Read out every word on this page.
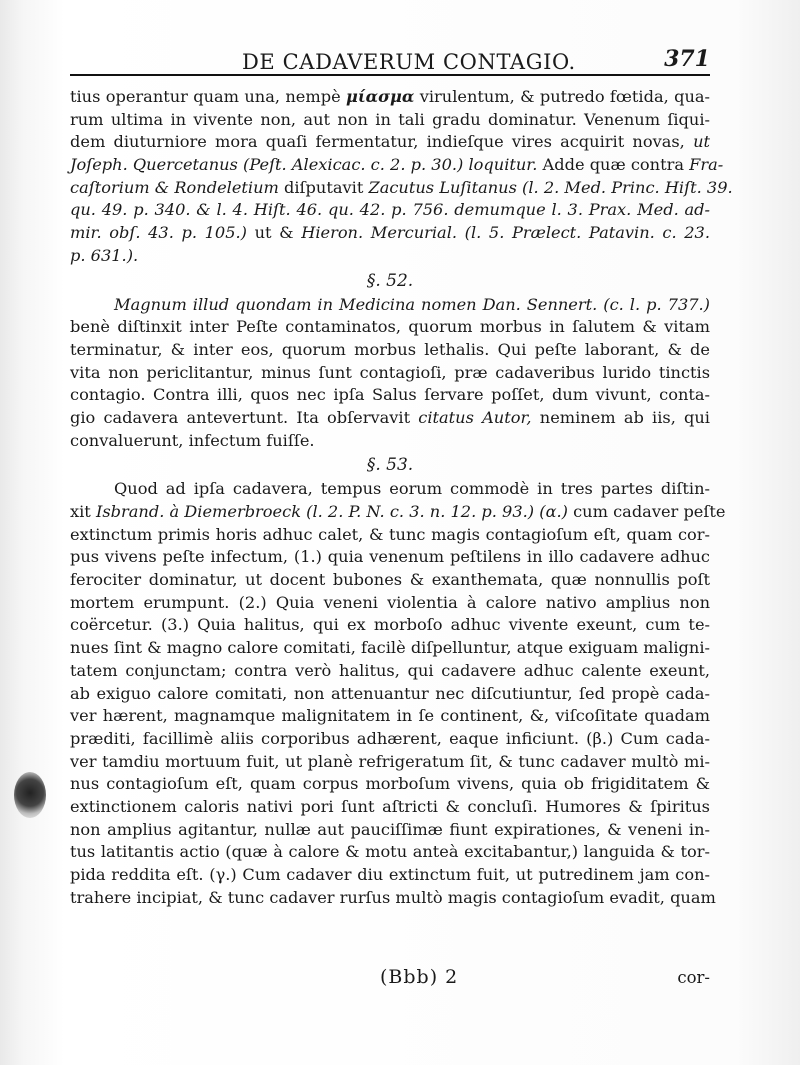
DE CADAVERUM CONTAGIO.	371
tius operantur quam una, nempè μίασμα virulentum, & putredo fœtida, qua-
rum ultima in vivente non, aut non in tali gradu dominatur. Venenum ſiqui-
dem diuturniore mora quaſi fermentatur, indieſque vires acquirit novas, ut
Joſeph. Quercetanus (Peſt. Alexicac. c. 2. p. 30.) loquitur. Adde quæ contra Fra-
caſtorium & Rondeletium diſputavit Zacutus Luſitanus (l. 2. Med. Princ. Hiſt. 39.
qu. 49. p. 340. & l. 4. Hiſt. 46. qu. 42. p. 756. demumque l. 3. Prax. Med. ad-
mir. obſ. 43. p. 105.) ut & Hieron. Mercurial. (l. 5. Prælect. Patavin. c. 23.
p. 631.).
§. 52.
Magnum illud quondam in Medicina nomen Dan. Sennert. (c. l. p. 737.)
benè diſtinxit inter Peſte contaminatos, quorum morbus in ſalutem & vitam
terminatur, & inter eos, quorum morbus lethalis. Qui peſte laborant, & de
vita non periclitantur, minus ſunt contagioſi, præ cadaveribus lurido tinctis
contagio. Contra illi, quos nec ipſa Salus ſervare poſſet, dum vivunt, conta-
gio cadavera antevertunt. Ita obſervavit citatus Autor, neminem ab iis, qui
convaluerunt, infectum fuiſſe.
§. 53.
Quod ad ipſa cadavera, tempus eorum commodè in tres partes diſtin-
xit Isbrand. à Diemerbroeck (l. 2. P. N. c. 3. n. 12. p. 93.) (α.) cum cadaver peſte
extinctum primis horis adhuc calet, & tunc magis contagioſum eſt, quam cor-
pus vivens peſte infectum, (1.) quia venenum peſtilens in illo cadavere adhuc
ferociter dominatur, ut docent bubones & exanthemata, quæ nonnullis poſt
mortem erumpunt. (2.) Quia veneni violentia à calore nativo amplius non
coërcetur. (3.) Quia halitus, qui ex morboſo adhuc vivente exeunt, cum te-
nues ſint & magno calore comitati, facilè diſpelluntur, atque exiguam maligni-
tatem conjunctam; contra verò halitus, qui cadavere adhuc calente exeunt,
ab exiguo calore comitati, non attenuantur nec diſcutiuntur, ſed propè cada-
ver hærent, magnamque malignitatem in ſe continent, &, viſcoſitate quadam
præditi, facillimè aliis corporibus adhærent, eaque inficiunt. (β.) Cum cada-
ver tamdiu mortuum fuit, ut planè refrigeratum ſit, & tunc cadaver multò mi-
nus contagioſum eſt, quam corpus morboſum vivens, quia ob frigiditatem &
extinctionem caloris nativi pori ſunt aſtricti & concluſi. Humores & ſpiritus
non amplius agitantur, nullæ aut pauciſſimæ fiunt expirationes, & veneni in-
tus latitantis actio (quæ à calore & motu anteà excitabantur,) languida & tor-
pida reddita eſt. (γ.) Cum cadaver diu extinctum fuit, ut putredinem jam con-
trahere incipiat, & tunc cadaver rurſus multò magis contagioſum evadit, quam
(Bbb) 2	cor-
